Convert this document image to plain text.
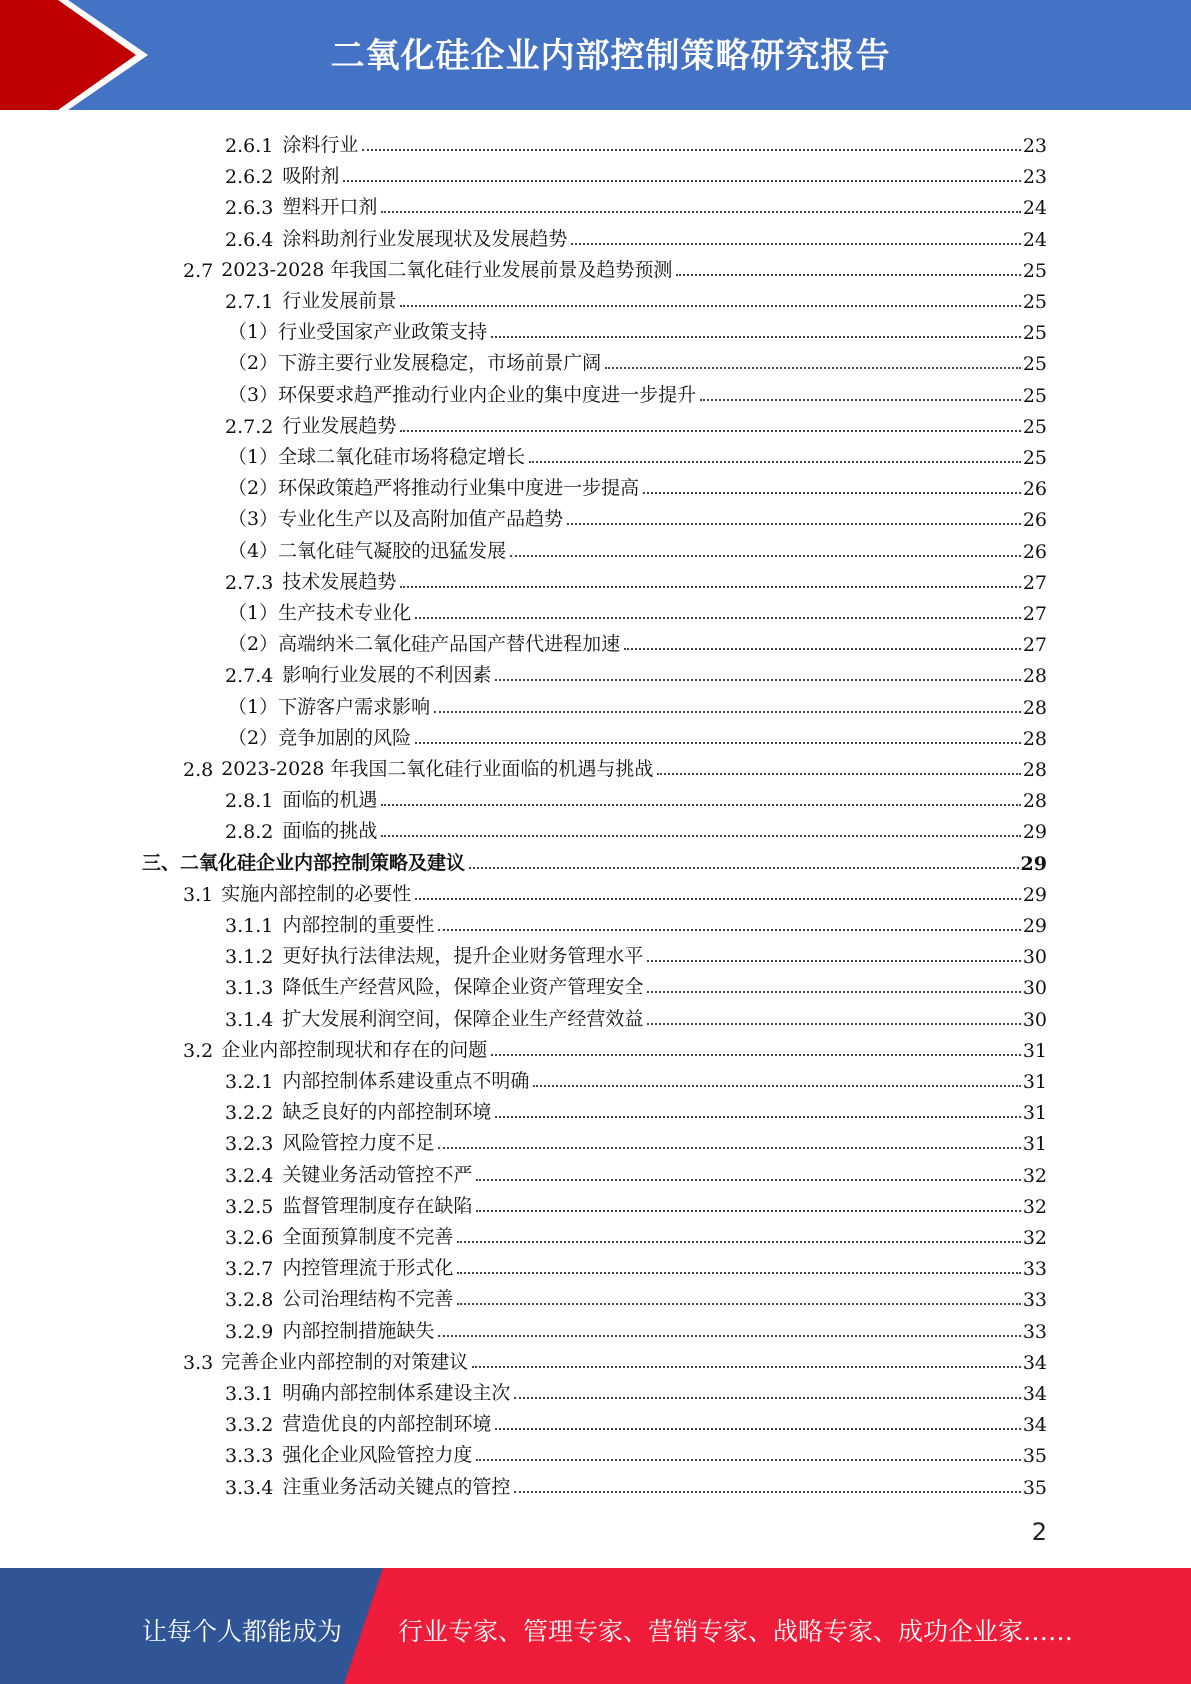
二氧化硅企业内部控制策略研究报告
2.6.1 涂料行业	23
2.6.2 吸附剂	23
2.6.3 塑料开口剂	24
2.6.4 涂料助剂行业发展现状及发展趋势	24
2.7 2023-2028 年我国二氧化硅行业发展前景及趋势预测	25
2.7.1 行业发展前景	25
（1） 行业受国家产业政策支持	25
（2） 下游主要行业发展稳定，市场前景广阔	25
（3） 环保要求趋严推动行业内企业的集中度进一步提升	25
2.7.2 行业发展趋势	25
（1） 全球二氧化硅市场将稳定增长	25
（2） 环保政策趋严将推动行业集中度进一步提高	26
（3） 专业化生产以及高附加值产品趋势	26
（4） 二氧化硅气凝胶的迅猛发展	26
2.7.3 技术发展趋势	27
（1） 生产技术专业化	27
（2） 高端纳米二氧化硅产品国产替代进程加速	27
2.7.4 影响行业发展的不利因素	28
（1） 下游客户需求影响	28
（2） 竞争加剧的风险	28
2.8 2023-2028 年我国二氧化硅行业面临的机遇与挑战	28
2.8.1 面临的机遇	28
2.8.2 面临的挑战	29
三、 二氧化硅企业内部控制策略及建议	29
3.1 实施内部控制的必要性	29
3.1.1 内部控制的重要性	29
3.1.2 更好执行法律法规，提升企业财务管理水平	30
3.1.3 降低生产经营风险，保障企业资产管理安全	30
3.1.4 扩大发展利润空间，保障企业生产经营效益	30
3.2 企业内部控制现状和存在的问题	31
3.2.1 内部控制体系建设重点不明确	31
3.2.2 缺乏良好的内部控制环境	31
3.2.3 风险管控力度不足	31
3.2.4 关键业务活动管控不严	32
3.2.5 监督管理制度存在缺陷	32
3.2.6 全面预算制度不完善	32
3.2.7 内控管理流于形式化	33
3.2.8 公司治理结构不完善	33
3.2.9 内部控制措施缺失	33
3.3 完善企业内部控制的对策建议	34
3.3.1 明确内部控制体系建设主次	34
3.3.2 营造优良的内部控制环境	34
3.3.3 强化企业风险管控力度	35
3.3.4 注重业务活动关键点的管控	35
2
让每个人都能成为 行业专家、管理专家、营销专家、战略专家、成功企业家……
